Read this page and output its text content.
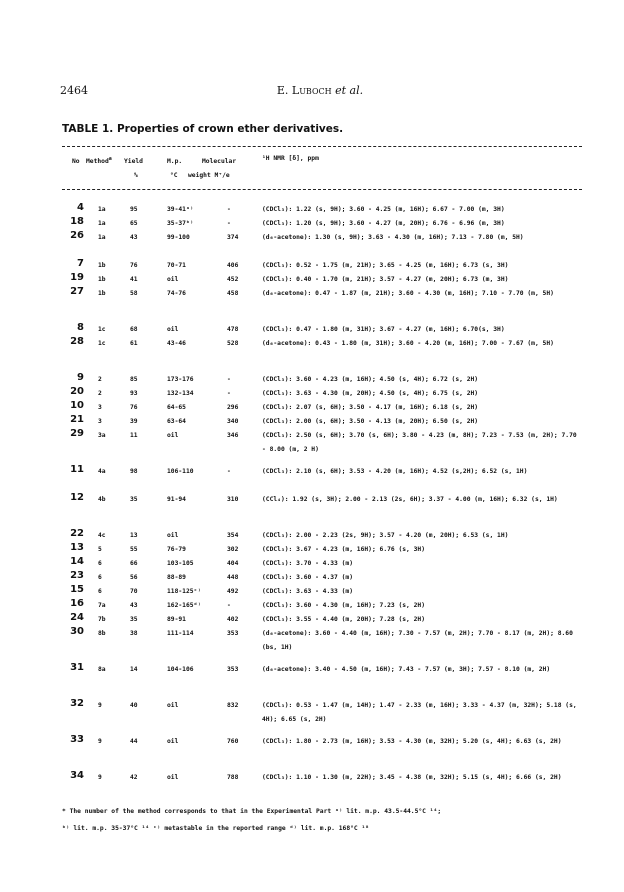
2464	E. Luboch et al.
TABLE 1. Properties of crown ether derivatives.
No Method$^a$ Yield
%
M.p.
°C
Molecular
weight M⁺/e
¹H NMR [δ], ppm
4 1a	95	39-41ᵃ⁾	-	(CDCl₃): 1.22 (s, 9H); 3.60 - 4.25 (m, 16H); 6.67 - 7.00 (m, 3H)
18 1a	65	35-37ᵇ⁾	-	(CDCl₃): 1.20 (s, 9H); 3.60 - 4.27 (m, 20H); 6.76 - 6.96 (m, 3H)
26 1a	43	99-100	374	(d₆-acetone): 1.30 (s, 9H); 3.63 - 4.30 (m, 16H); 7.13 - 7.80 (m, 5H)
7 1b	76	70-71	406	(CDCl₃): 0.52 - 1.75 (m, 21H); 3.65 - 4.25 (m, 16H); 6.73 (s, 3H)
19 1b	41	oil	452	(CDCl₃): 0.40 - 1.70 (m, 21H); 3.57 - 4.27 (m, 20H); 6.73 (m, 3H)
27 1b	58	74-76	458	(d₆-acetone): 0.47 - 1.87 (m, 21H); 3.60 - 4.30 (m, 16H); 7.10 - 7.70 (m, 5H)
8 1c	68	oil	478	(CDCl₃): 0.47 - 1.80 (m, 31H); 3.67 - 4.27 (m, 16H); 6.70(s, 3H)
28 1c	61	43-46	528	(d₆-acetone): 0.43 - 1.80 (m, 31H); 3.60 - 4.20 (m, 16H); 7.00 - 7.67 (m, 5H)
9 2	85	173-176	-	(CDCl₃): 3.60 - 4.23 (m, 16H); 4.50 (s, 4H); 6.72 (s, 2H)
20 2	93	132-134	-	(CDCl₃): 3.63 - 4.30 (m, 20H); 4.50 (s, 4H); 6.75 (s, 2H)
10 3	76	64-65	296	(CDCl₃): 2.07 (s, 6H); 3.50 - 4.17 (m, 16H); 6.18 (s, 2H)
21 3	39	63-64	340	(CDCl₃): 2.00 (s, 6H); 3.50 - 4.13 (m, 20H); 6.50 (s, 2H)
29 3a	11	oil	346	(CDCl₃): 2.50 (s, 6H); 3.70 (s, 6H); 3.80 - 4.23 (m, 8H); 7.23 - 7.53 (m, 2H); 7.70 - 8.00 (m, 2 H)
11 4a	98	106-110	-	(CDCl₃): 2.10 (s, 6H); 3.53 - 4.20 (m, 16H); 4.52 (s,2H); 6.52 (s, 1H)
12 4b	35	91-94	310	(CCl₄): 1.92 (s, 3H); 2.00 - 2.13 (2s, 6H); 3.37 - 4.00 (m, 16H); 6.32 (s, 1H)
22 4c	13	oil	354	(CDCl₃): 2.00 - 2.23 (2s, 9H); 3.57 - 4.20 (m, 20H); 6.53 (s, 1H)
13 5	55	76-79	302	(CDCl₃): 3.67 - 4.23 (m, 16H); 6.76 (s, 3H)
14 6	66	103-105	404	(CDCl₃): 3.70 - 4.33 (m)
23 6	56	88-89	448	(CDCl₃): 3.60 - 4.37 (m)
15 6	70	118-125ᶜ⁾	492	(CDCl₃): 3.63 - 4.33 (m)
16 7a	43	162-165ᵈ⁾	-	(CDCl₃): 3.60 - 4.30 (m, 16H); 7.23 (s, 2H)
24 7b	35	89-91	402	(CDCl₃): 3.55 - 4.40 (m, 20H); 7.28 (s, 2H)
30 8b	38	111-114	353	(d₆-acetone): 3.60 - 4.40 (m, 16H); 7.30 - 7.57 (m, 2H); 7.70 - 8.17 (m, 2H); 8.60 (bs, 1H)
31 8a	14	104-106	353	(d₆-acetone): 3.40 - 4.50 (m, 16H); 7.43 - 7.57 (m, 3H); 7.57 - 8.10 (m, 2H)
32 9	40	oil	832	(CDCl₃): 0.53 - 1.47 (m, 14H); 1.47 - 2.33 (m, 16H); 3.33 - 4.37 (m, 32H); 5.18 (s, 4H); 6.65 (s, 2H)
33 9	44	oil	760	(CDCl₃): 1.80 - 2.73 (m, 16H); 3.53 - 4.30 (m, 32H); 5.20 (s, 4H); 6.63 (s, 2H)
34 9	42	oil	788	(CDCl₃): 1.10 - 1.30 (m, 22H); 3.45 - 4.38 (m, 32H); 5.15 (s, 4H); 6.66 (s, 2H)
* The number of the method corresponds to that in the Experimental Part ᵃ⁾ lit. m.p. 43.5-44.5°C ¹⁴;
ᵇ⁾ lit. m.p. 35-37°C ¹⁴ ᶜ⁾ metastable in the reported range ᵈ⁾ lit. m.p. 168°C ¹⁸
